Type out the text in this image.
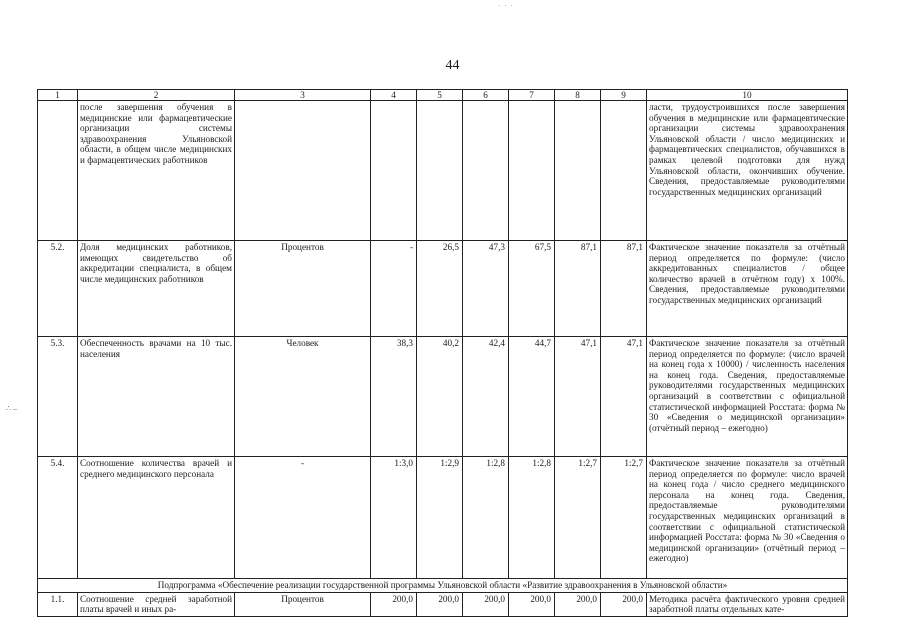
· · ·
44
∴ ‒
1	2	3	4	5	6	7	8	9	10
	после завершения обучения в медицинские или фармацевтические организации системы здравоохранения Ульяновской области, в общем числе медицинских и фармацевтических работников								ласти, трудоустроившихся после завершения обучения в медицинские или фармацевтические организации системы здравоохранения Ульяновской области / число медицинских и фармацевтических специалистов, обучавшихся в рамках целевой подготовки для нужд Ульяновской области, окончивших обучение. Сведения, предоставляемые руководителями государственных медицинских организаций
5.2.	Доля медицинских работников, имеющих свидетельство об аккредитации специалиста, в общем числе медицинских работников	Процентов	-	26,5	47,3	67,5	87,1	87,1	Фактическое значение показателя за отчётный период определяется по формуле: (число аккредитованных специалистов / общее количество врачей в отчётном году) x 100%. Сведения, предоставляемые руководителями государственных медицинских организаций
5.3.	Обеспеченность врачами на 10 тыс. населения	Человек	38,3	40,2	42,4	44,7	47,1	47,1	Фактическое значение показателя за отчётный период определяется по формуле: (число врачей на конец года x 10000) / численность населения на конец года. Сведения, предоставляемые руководителями государственных медицинских организаций в соответствии с официальной статистической информацией Росстата: форма № 30 «Сведения о медицинской организации» (отчётный период – ежегодно)
5.4.	Соотношение количества врачей и среднего медицинского персонала	-	1:3,0	1:2,9	1:2,8	1:2,8	1:2,7	1:2,7	Фактическое значение показателя за отчётный период определяется по формуле: число врачей на конец года / число среднего медицинского персонала на конец года. Сведения, предоставляемые руководителями государственных медицинских организаций в соответствии с официальной статистической информацией Росстата: форма № 30 «Сведения о медицинской организации» (отчётный период – ежегодно)
Подпрограмма «Обеспечение реализации государственной программы Ульяновской области «Развитие здравоохранения в Ульяновской области»									
1.1.	Соотношение средней заработной платы врачей и иных ра-	Процентов	200,0	200,0	200,0	200,0	200,0	200,0	Методика расчёта фактического уровня средней заработной платы отдельных кате-
